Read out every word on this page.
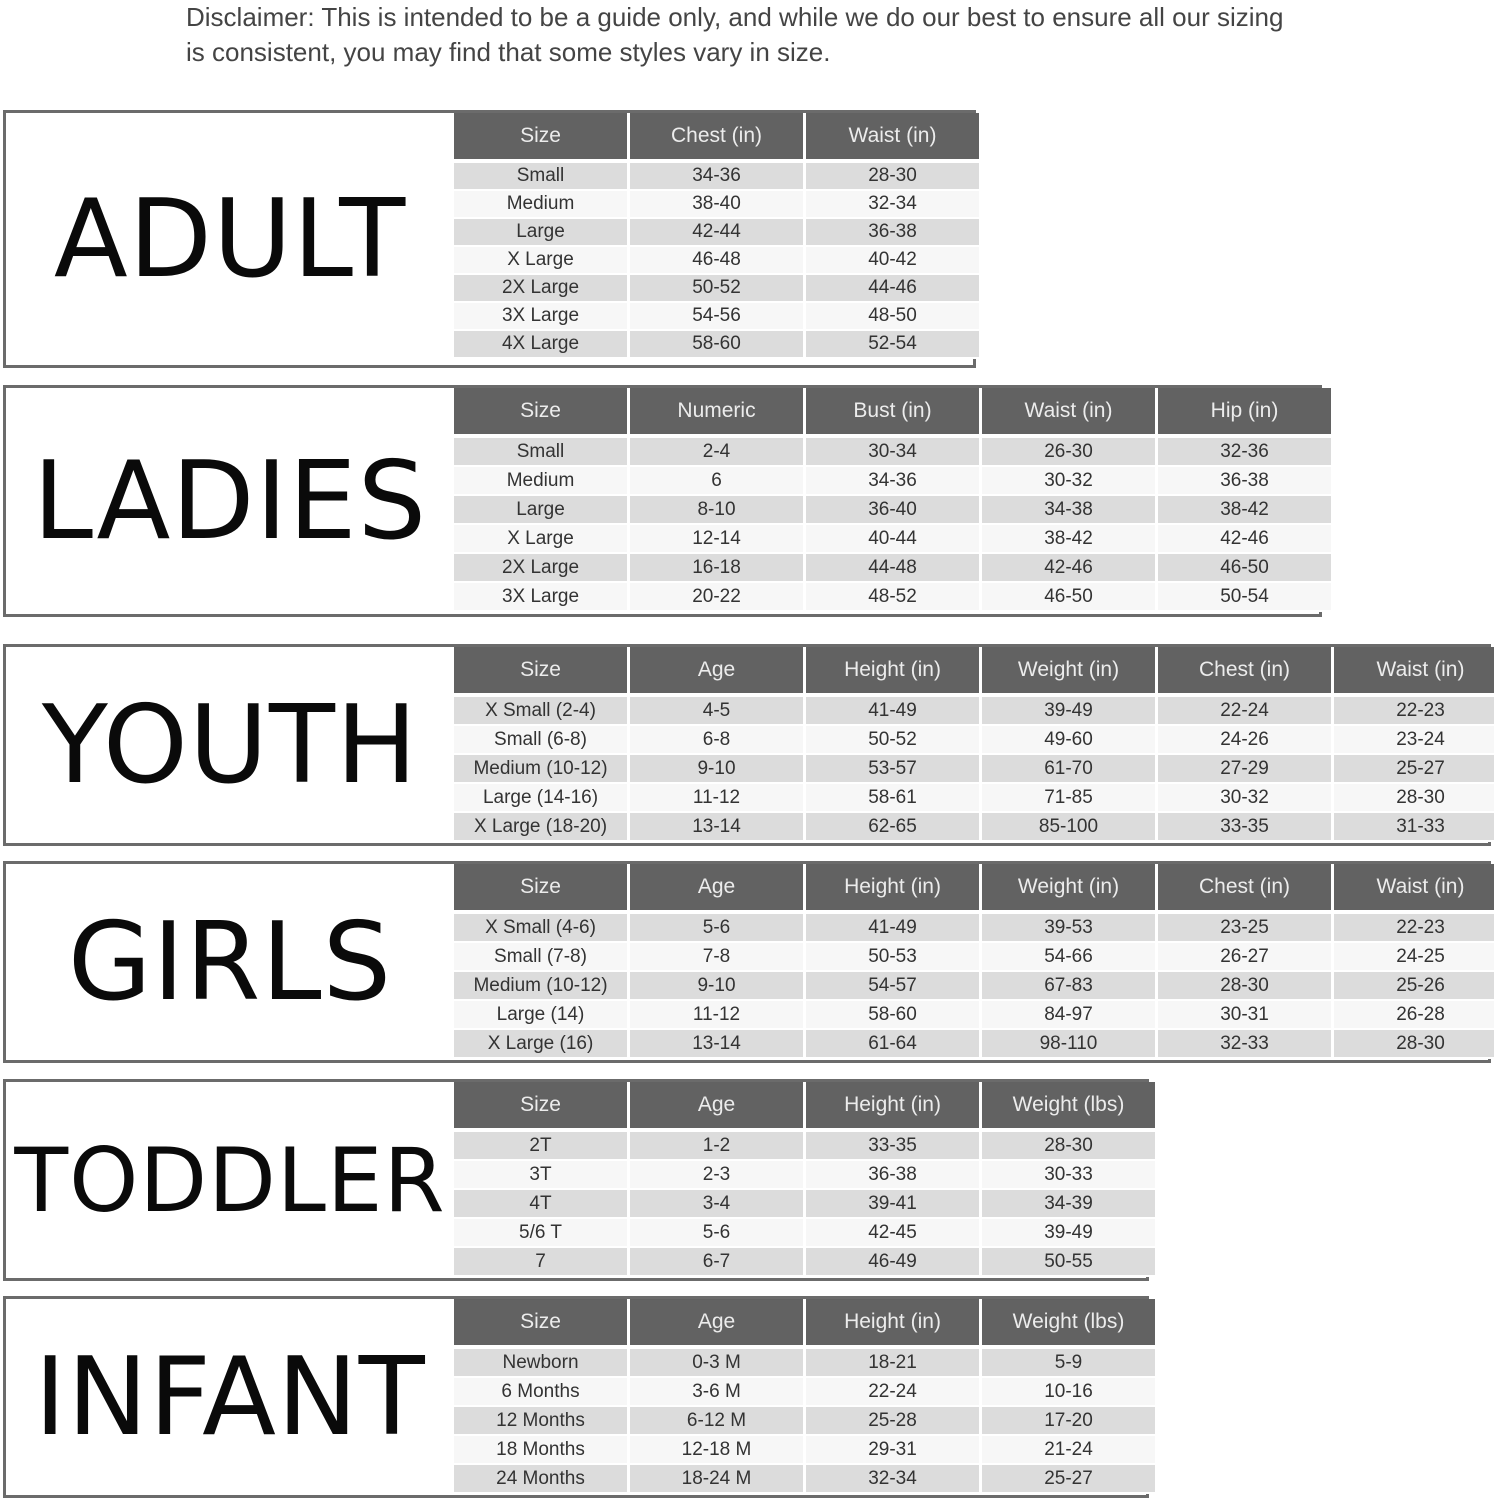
Disclaimer: This is intended to be a guide only, and while we do our best to ensure all our sizing is consistent, you may find that some styles vary in size.
ADULT
Size	Chest (in)	Waist (in)
Small	34-36	28-30
Medium	38-40	32-34
Large	42-44	36-38
X Large	46-48	40-42
2X Large	50-52	44-46
3X Large	54-56	48-50
4X Large	58-60	52-54
LADIES
Size	Numeric	Bust (in)	Waist (in)	Hip (in)
Small	2-4	30-34	26-30	32-36
Medium	6	34-36	30-32	36-38
Large	8-10	36-40	34-38	38-42
X Large	12-14	40-44	38-42	42-46
2X Large	16-18	44-48	42-46	46-50
3X Large	20-22	48-52	46-50	50-54
YOUTH
Size	Age	Height (in)	Weight (in)	Chest (in)	Waist (in)
X Small (2-4)	4-5	41-49	39-49	22-24	22-23
Small (6-8)	6-8	50-52	49-60	24-26	23-24
Medium (10-12)	9-10	53-57	61-70	27-29	25-27
Large (14-16)	11-12	58-61	71-85	30-32	28-30
X Large (18-20)	13-14	62-65	85-100	33-35	31-33
GIRLS
Size	Age	Height (in)	Weight (in)	Chest (in)	Waist (in)
X Small (4-6)	5-6	41-49	39-53	23-25	22-23
Small (7-8)	7-8	50-53	54-66	26-27	24-25
Medium (10-12)	9-10	54-57	67-83	28-30	25-26
Large (14)	11-12	58-60	84-97	30-31	26-28
X Large (16)	13-14	61-64	98-110	32-33	28-30
TODDLER
Size	Age	Height (in)	Weight (lbs)
2T	1-2	33-35	28-30
3T	2-3	36-38	30-33
4T	3-4	39-41	34-39
5/6 T	5-6	42-45	39-49
7	6-7	46-49	50-55
INFANT
Size	Age	Height (in)	Weight (lbs)
Newborn	0-3 M	18-21	5-9
6 Months	3-6 M	22-24	10-16
12 Months	6-12 M	25-28	17-20
18 Months	12-18 M	29-31	21-24
24 Months	18-24 M	32-34	25-27
